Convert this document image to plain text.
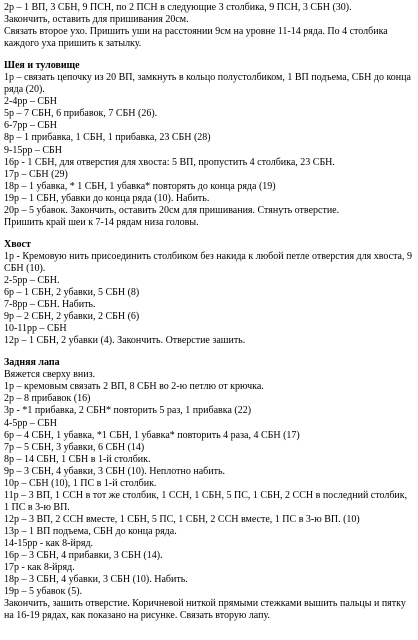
2р – 1 ВП, 3 СБН, 9 ПСН, по 2 ПСН в следующие 3 столбика, 9 ПСН, 3 СБН (30).
Закончить, оставить для пришивания 20см.
Связать второе ухо. Пришить уши на расстоянии 9см на уровне 11-14 ряда. По 4 столбика каждого уха пришить к затылку.
Шея и туловище
1р – связать цепочку из 20 ВП, замкнуть в кольцо полустолбиком, 1 ВП подъема, СБН до конца ряда (20).
2-4рр – СБН
5р – 7 СБН, 6 прибавок, 7 СБН (26).
6-7рр – СБН
8р – 1 прибавка, 1 СБН, 1 прибавка, 23 СБН (28)
9-15рр – СБН
16р - 1 СБН, для отверстия для хвоста: 5 ВП, пропустить 4 столбика, 23 СБН.
17р – СБН (29)
18р – 1 убавка, * 1 СБН, 1 убавка* повторять до конца ряда (19)
19р – 1 СБН, убавки до конца ряда (10). Набить.
20р – 5 убавок. Закончить, оставить 20см для пришивания. Стянуть отверстие.
Пришить край шеи к 7-14 рядам низа головы.
Хвост
1р - Кремовую нить присоединить столбиком без накида к любой петле отверстия для хвоста, 9 СБН (10).
2-5рр – СБН.
6р – 1 СБН, 2 убавки, 5 СБН (8)
7-8рр – СБН. Набить.
9р – 2 СБН, 2 убавки, 2 СБН (6)
10-11рр – СБН
12р – 1 СБН, 2 убавки (4). Закончить. Отверстие зашить.
Задняя лапа
Вяжется сверху вниз.
1р – кремовым связать 2 ВП, 8 СБН во 2-ю петлю от крючка.
2р – 8 прибавок (16)
3р - *1 прибавка, 2 СБН* повторить 5 раз, 1 прибавка (22)
4-5рр – СБН
6р – 4 СБН, 1 убавка, *1 СБН, 1 убавка* повторить 4 раза, 4 СБН (17)
7р – 5 СБН, 3 убавки, 6 СБН (14)
8р – 14 СБН, 1 СБН в 1-й столбик.
9р – 3 СБН, 4 убавки, 3 СБН (10). Неплотно набить.
10р – СБН (10), 1 ПС в 1-й столбик.
11р – 3 ВП, 1 ССН в тот же столбик, 1 ССН, 1 СБН, 5 ПС, 1 СБН, 2 ССН в последний столбик, 1 ПС в 3-ю ВП.
12р – 3 ВП, 2 ССН вместе, 1 СБН, 5 ПС, 1 СБН, 2 ССН вместе, 1 ПС в 3-ю ВП. (10)
13р – 1 ВП подъема, СБН до конца ряда.
14-15рр - как 8-йряд.
16р – 3 СБН, 4 прибавки, 3 СБН (14).
17р - как 8-йряд.
18р – 3 СБН, 4 убавки, 3 СБН (10). Набить.
19р – 5 убавок (5).
Закончить, зашить отверстие. Коричневой ниткой прямыми стежками вышить пальцы и пятку на 16-19 рядах, как показано на рисунке. Связать вторую лапу.
